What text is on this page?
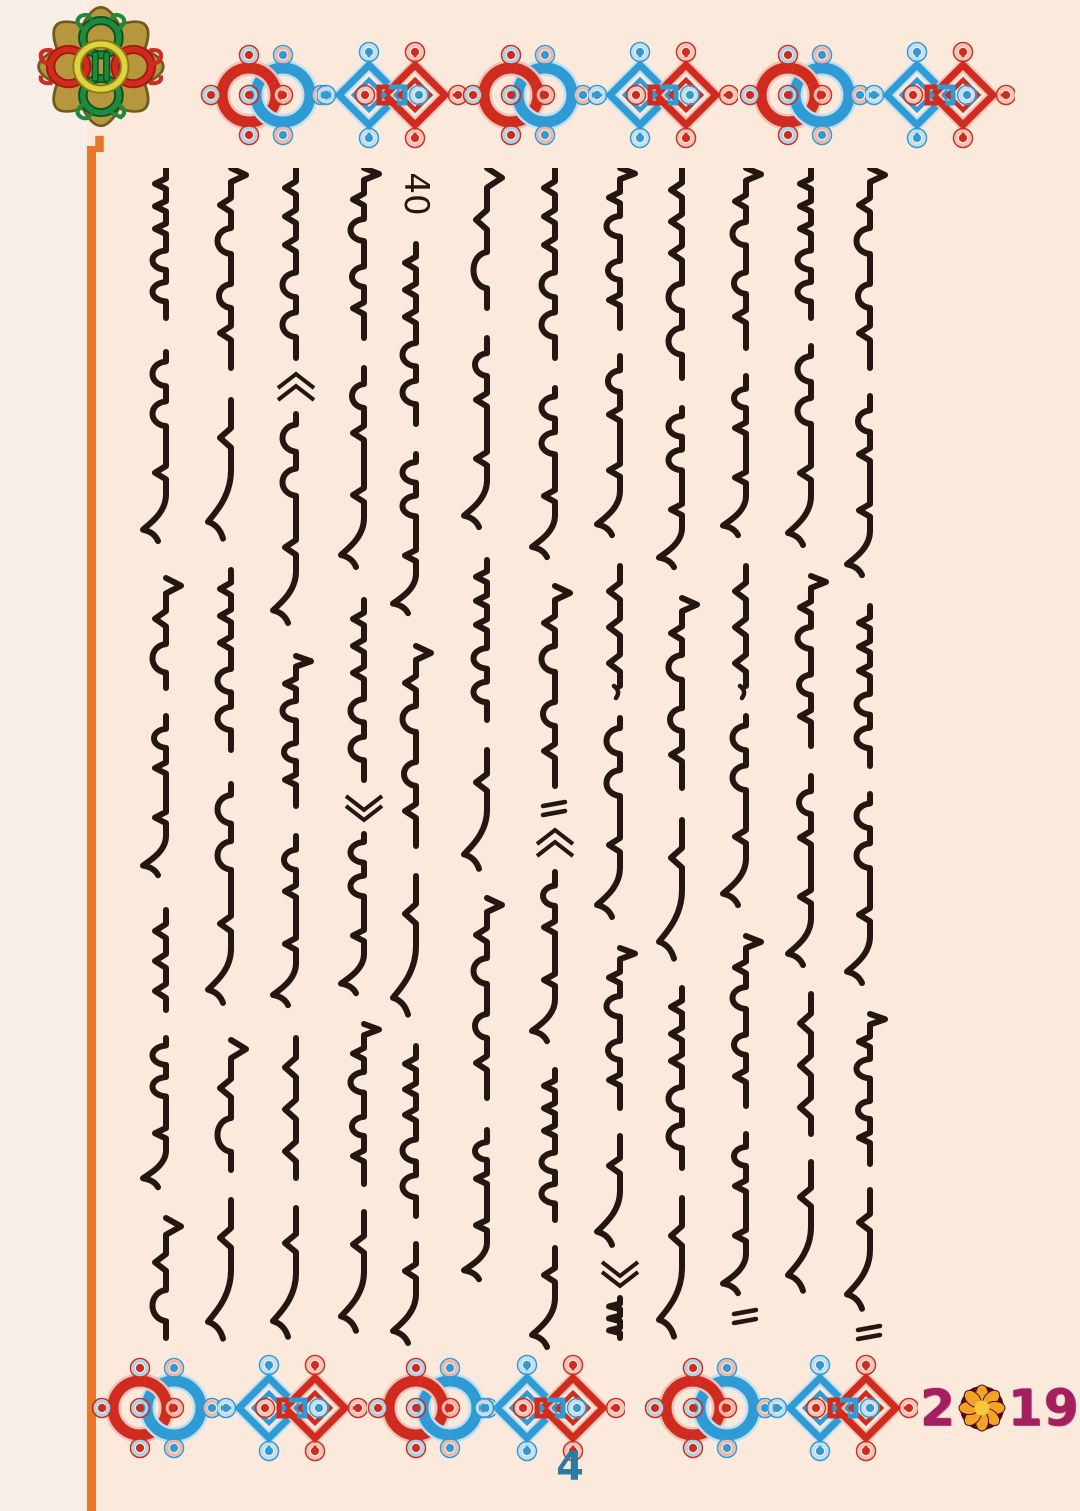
40
2 19
4
